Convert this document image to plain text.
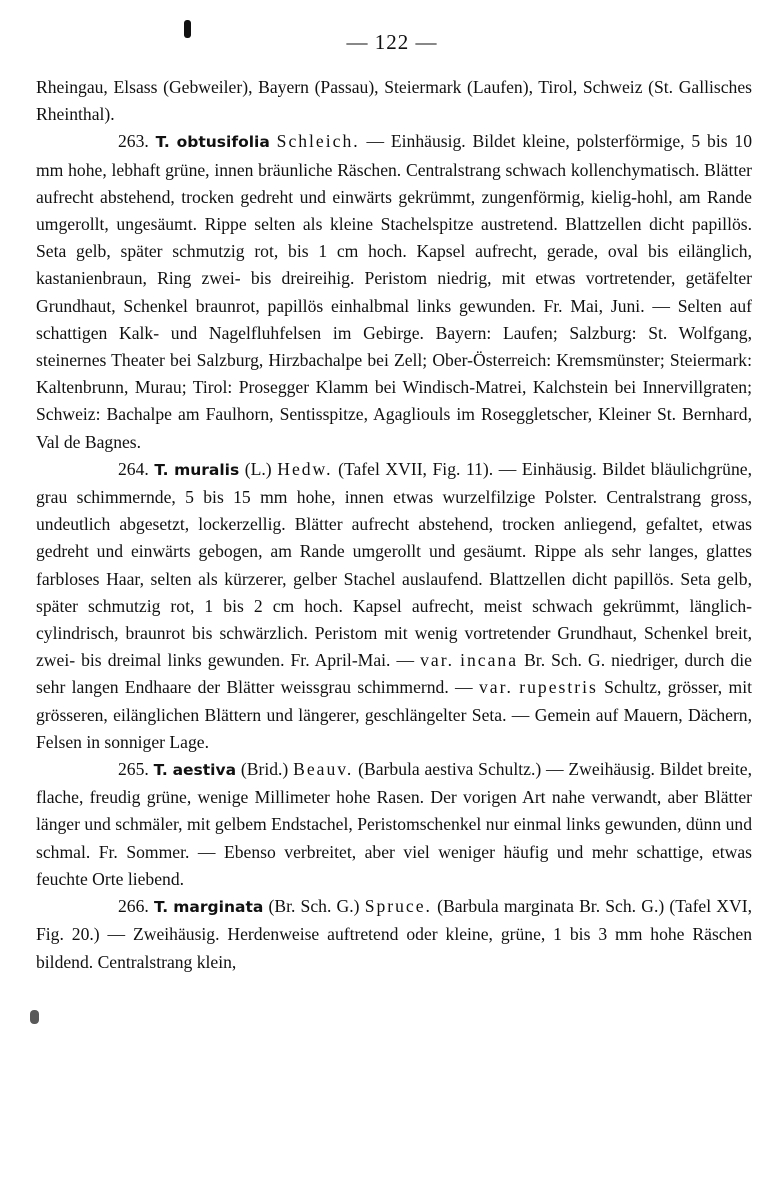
— 122 —

Rheingau, Elsass (Gebweiler), Bayern (Passau), Steiermark (Laufen), Tirol, Schweiz (St. Gallisches Rheinthal).

263. T. obtusifolia Schleich. — Einhäusig. Bildet kleine, polsterförmige, 5 bis 10 mm hohe, lebhaft grüne, innen bräunliche Räschen. Centralstrang schwach kollenchymatisch. Blätter aufrecht abstehend, trocken gedreht und einwärts gekrümmt, zungenförmig, kielig-hohl, am Rande umgerollt, ungesäumt. Rippe selten als kleine Stachelspitze austretend. Blattzellen dicht papillös. Seta gelb, später schmutzig rot, bis 1 cm hoch. Kapsel aufrecht, gerade, oval bis eilänglich, kastanienbraun, Ring zwei- bis dreireihig. Peristom niedrig, mit etwas vortretender, getäfelter Grundhaut, Schenkel braunrot, papillös einhalbmal links gewunden. Fr. Mai, Juni. — Selten auf schattigen Kalk- und Nagelfluhfelsen im Gebirge. Bayern: Laufen; Salzburg: St. Wolfgang, steinernes Theater bei Salzburg, Hirzbachalpe bei Zell; Ober-Österreich: Kremsmünster; Steiermark: Kaltenbrunn, Murau; Tirol: Prosegger Klamm bei Windisch-Matrei, Kalchstein bei Innervillgraten; Schweiz: Bachalpe am Faulhorn, Sentisspitze, Agagliouls im Roseggletscher, Kleiner St. Bernhard, Val de Bagnes.

264. T. muralis (L.) Hedw. (Tafel XVII, Fig. 11). — Einhäusig. Bildet bläulichgrüne, grau schimmernde, 5 bis 15 mm hohe, innen etwas wurzelfilzige Polster. Centralstrang gross, undeutlich abgesetzt, lockerzellig. Blätter aufrecht abstehend, trocken anliegend, gefaltet, etwas gedreht und einwärts gebogen, am Rande umgerollt und gesäumt. Rippe als sehr langes, glattes farbloses Haar, selten als kürzerer, gelber Stachel auslaufend. Blattzellen dicht papillös. Seta gelb, später schmutzig rot, 1 bis 2 cm hoch. Kapsel aufrecht, meist schwach gekrümmt, länglich-cylindrisch, braunrot bis schwärzlich. Peristom mit wenig vortretender Grundhaut, Schenkel breit, zwei- bis dreimal links gewunden. Fr. April-Mai. — var. incana Br. Sch. G. niedriger, durch die sehr langen Endhaare der Blätter weissgrau schimmernd. — var. rupestris Schultz, grösser, mit grösseren, eilänglichen Blättern und längerer, geschlängelter Seta. — Gemein auf Mauern, Dächern, Felsen in sonniger Lage.

265. T. aestiva (Brid.) Beauv. (Barbula aestiva Schultz.) — Zweihäusig. Bildet breite, flache, freudig grüne, wenige Millimeter hohe Rasen. Der vorigen Art nahe verwandt, aber Blätter länger und schmäler, mit gelbem Endstachel, Peristomschenkel nur einmal links gewunden, dünn und schmal. Fr. Sommer. — Ebenso verbreitet, aber viel weniger häufig und mehr schattige, etwas feuchte Orte liebend.

266. T. marginata (Br. Sch. G.) Spruce. (Barbula marginata Br. Sch. G.) (Tafel XVI, Fig. 20.) — Zweihäusig. Herdenweise auftretend oder kleine, grüne, 1 bis 3 mm hohe Räschen bildend. Centralstrang klein,
